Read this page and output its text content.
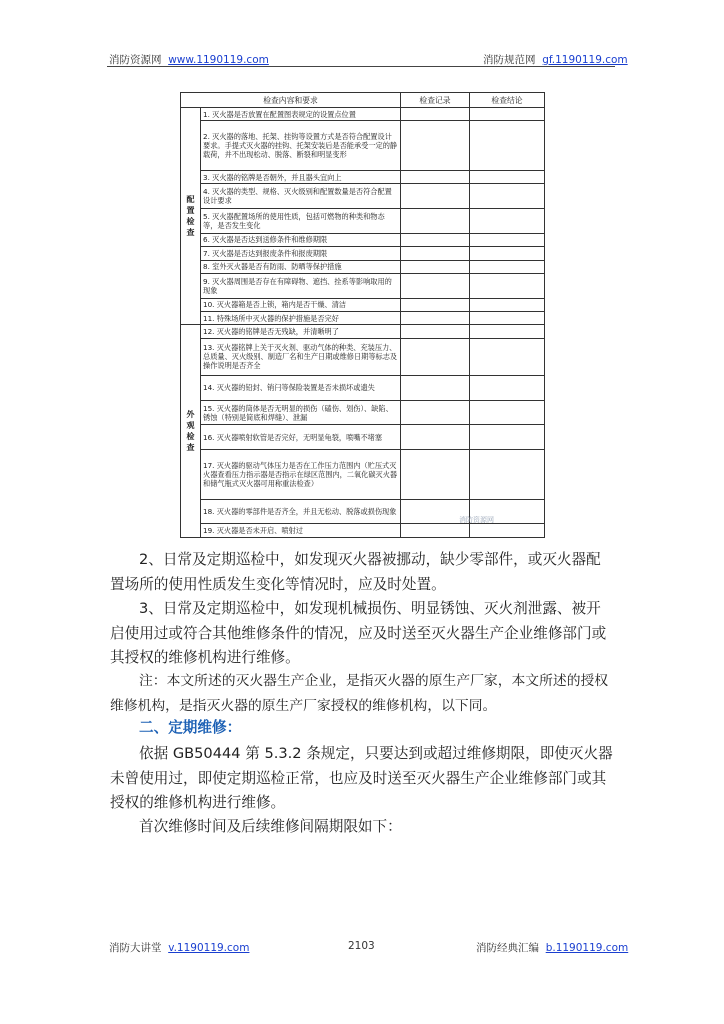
消防资源网 www.1190119.com	消防规范网 gf.1190119.com
检查内容和要求		检查记录	检查结论

配
置
检
查	1. 灭火器是否放置在配置图表规定的设置点位置		
	2. 灭火器的落地、托架、挂钩等设置方式是否符合配置设计要求。手提式灭火器的挂钩、托架安装后是否能承受一定的静载荷，并不出现松动、脱落、断裂和明显变形		
	3. 灭火器的铭牌是否朝外，并且器头宜向上		
	4. 灭火器的类型、规格、灭火级别和配置数量是否符合配置设计要求		
	5. 灭火器配置场所的使用性质，包括可燃物的种类和物态等，是否发生变化		
	6. 灭火器是否达到送修条件和维修期限		
	7. 灭火器是否达到报废条件和报废期限		
	8. 室外灭火器是否有防雨、防晒等保护措施		
	9. 灭火器周围是否存在有障碍物、遮挡、拴系等影响取用的现象		
	10. 灭火器箱是否上锁，箱内是否干燥、清洁		
	11. 特殊场所中灭火器的保护措施是否完好		

外
观
检
查	12. 灭火器的铭牌是否无残缺，并清晰明了		
	13. 灭火器铭牌上关于灭火剂、驱动气体的种类、充装压力、总质量、灭火级别、制造厂名和生产日期或维修日期等标志及操作说明是否齐全		
	14. 灭火器的铅封、销闩等保险装置是否未损坏或遗失		
	15. 灭火器的筒体是否无明显的损伤（磕伤、划伤）、缺陷、锈蚀（特别是简底和焊缝）、泄漏		
	16. 灭火器喷射软管是否完好，无明显龟裂，喷嘴不堵塞		
	17. 灭火器的驱动气体压力是否在工作压力范围内（贮压式灭火器查看压力指示器是否指示在绿区范围内，二氧化碳灭火器和储气瓶式灭火器可用称重法检查）		
	18. 灭火器的零部件是否齐全，并且无松动、脱落或损伤现象		
	19. 灭火器是否未开启、喷射过		
消防资源网
2、日常及定期巡检中，如发现灭火器被挪动，缺少零部件，或灭火器配置场所的使用性质发生变化等情况时，应及时处置。
3、日常及定期巡检中，如发现机械损伤、明显锈蚀、灭火剂泄露、被开启使用过或符合其他维修条件的情况，应及时送至灭火器生产企业维修部门或其授权的维修机构进行维修。
注：本文所述的灭火器生产企业，是指灭火器的原生产厂家，本文所述的授权维修机构，是指灭火器的原生产厂家授权的维修机构，以下同。
二、定期维修：
依据 GB50444 第 5.3.2 条规定，只要达到或超过维修期限，即使灭火器未曾使用过，即使定期巡检正常，也应及时送至灭火器生产企业维修部门或其授权的维修机构进行维修。
首次维修时间及后续维修间隔期限如下：
消防大讲堂 v.1190119.com	2103	消防经典汇编 b.1190119.com
